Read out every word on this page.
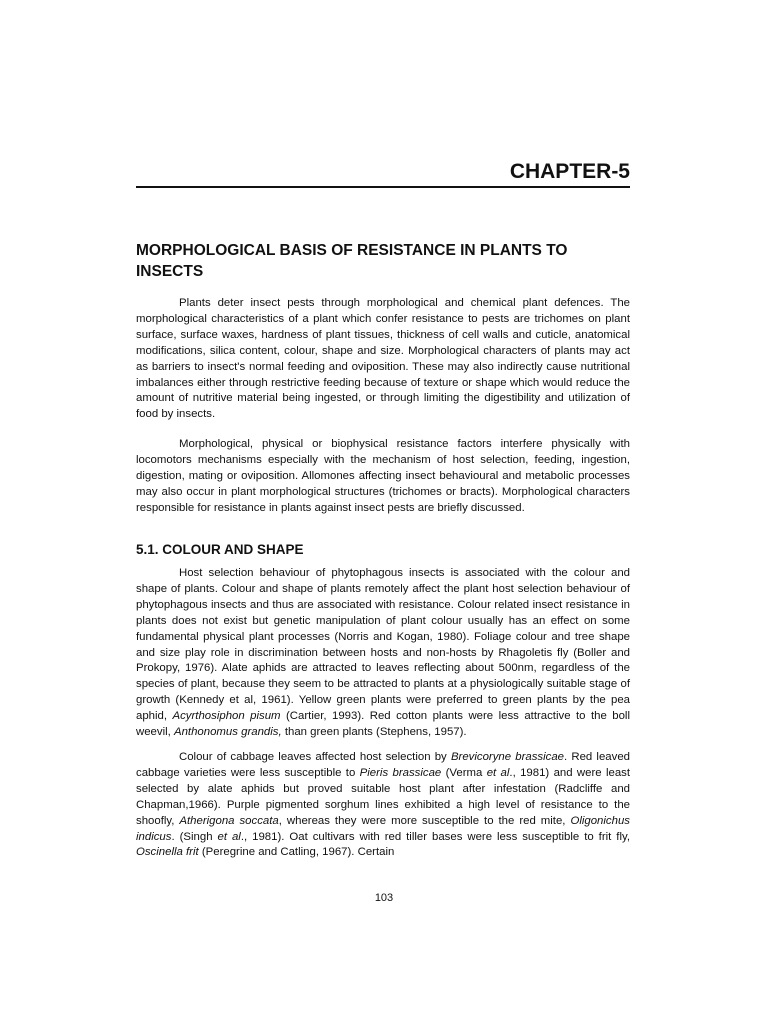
CHAPTER-5
MORPHOLOGICAL BASIS OF RESISTANCE IN PLANTS TO INSECTS

Plants deter insect pests through morphological and chemical plant defences. The morphological characteristics of a plant which confer resistance to pests are trichomes on plant surface, surface waxes, hardness of plant tissues, thickness of cell walls and cuticle, anatomical modifications, silica content, colour, shape and size. Morphological characters of plants may act as barriers to insect's normal feeding and oviposition. These may also indirectly cause nutritional imbalances either through restrictive feeding because of texture or shape which would reduce the amount of nutritive material being ingested, or through limiting the digestibility and utilization of food by insects.

Morphological, physical or biophysical resistance factors interfere physically with locomotors mechanisms especially with the mechanism of host selection, feeding, ingestion, digestion, mating or oviposition. Allomones affecting insect behavioural and metabolic processes may also occur in plant morphological structures (trichomes or bracts). Morphological characters responsible for resistance in plants against insect pests are briefly discussed.

5.1. COLOUR AND SHAPE

Host selection behaviour of phytophagous insects is associated with the colour and shape of plants. Colour and shape of plants remotely affect the plant host selection behaviour of phytophagous insects and thus are associated with resistance. Colour related insect resistance in plants does not exist but genetic manipulation of plant colour usually has an effect on some fundamental physical plant processes (Norris and Kogan, 1980). Foliage colour and tree shape and size play role in discrimination between hosts and non-hosts by Rhagoletis fly (Boller and Prokopy, 1976). Alate aphids are attracted to leaves reflecting about 500nm, regardless of the species of plant, because they seem to be attracted to plants at a physiologically suitable stage of growth (Kennedy et al, 1961). Yellow green plants were preferred to green plants by the pea aphid, Acyrthosiphon pisum (Cartier, 1993). Red cotton plants were less attractive to the boll weevil, Anthonomus grandis, than green plants (Stephens, 1957).

Colour of cabbage leaves affected host selection by Brevicoryne brassicae. Red leaved cabbage varieties were less susceptible to Pieris brassicae (Verma et al., 1981) and were least selected by alate aphids but proved suitable host plant after infestation (Radcliffe and Chapman,1966). Purple pigmented sorghum lines exhibited a high level of resistance to the shoofly, Atherigona soccata, whereas they were more susceptible to the red mite, Oligonichus indicus. (Singh et al., 1981). Oat cultivars with red tiller bases were less susceptible to frit fly, Oscinella frit (Peregrine and Catling, 1967). Certain

103
